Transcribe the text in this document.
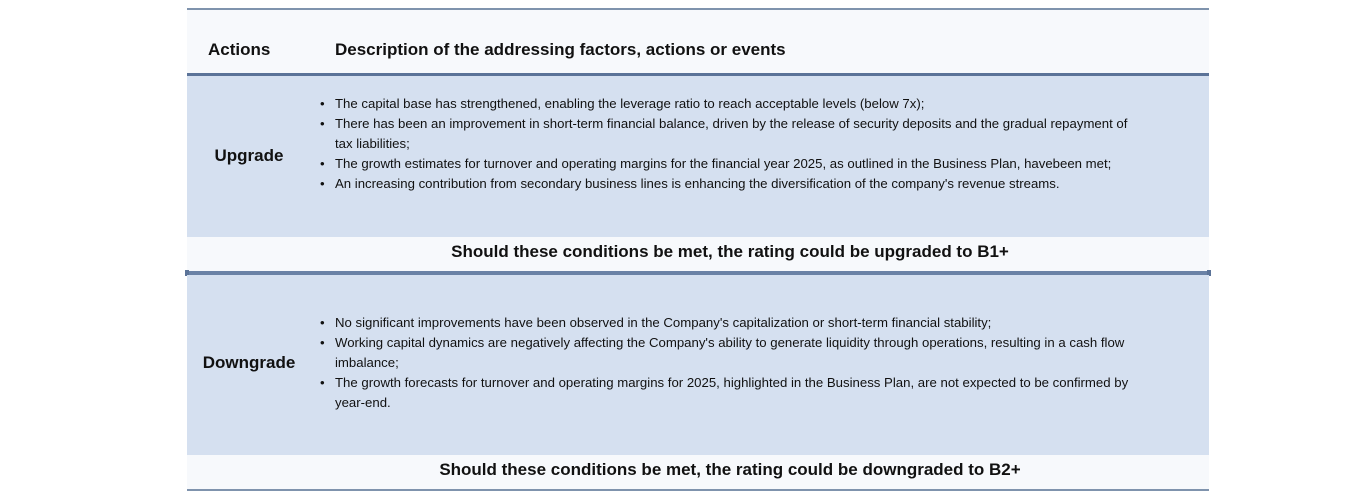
Actions	Description of the addressing factors, actions or events
Upgrade
• The capital base has strengthened, enabling the leverage ratio to reach acceptable levels (below 7x);
• There has been an improvement in short-term financial balance, driven by the release of security deposits and the gradual repayment of tax liabilities;
• The growth estimates for turnover and operating margins for the financial year 2025, as outlined in the Business Plan, havebeen met;
• An increasing contribution from secondary business lines is enhancing the diversification of the company's revenue streams.
Should these conditions be met, the rating could be upgraded to B1+
Downgrade
• No significant improvements have been observed in the Company's capitalization or short-term financial stability;
• Working capital dynamics are negatively affecting the Company's ability to generate liquidity through operations, resulting in a cash flow imbalance;
• The growth forecasts for turnover and operating margins for 2025, highlighted in the Business Plan, are not expected to be confirmed by year-end.
Should these conditions be met, the rating could be downgraded to B2+
